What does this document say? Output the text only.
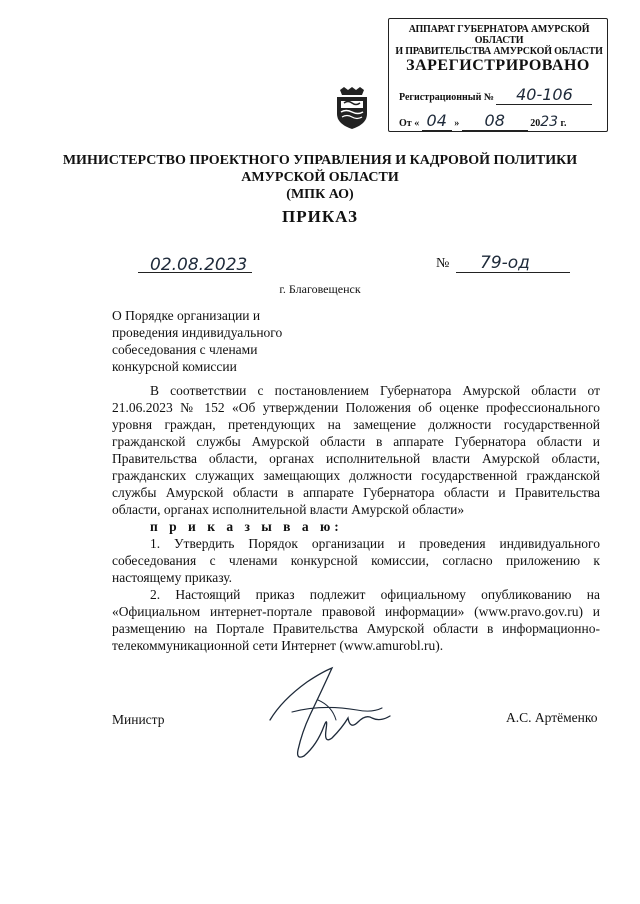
АППАРАТ ГУБЕРНАТОРА АМУРСКОЙ ОБЛАСТИ
И ПРАВИТЕЛЬСТВА АМУРСКОЙ ОБЛАСТИ
ЗАРЕГИСТРИРОВАНО
Регистрационный № 40-106
От « 04 » 08	2023 г.
МИНИСТЕРСТВО ПРОЕКТНОГО УПРАВЛЕНИЯ И КАДРОВОЙ ПОЛИТИКИ
АМУРСКОЙ ОБЛАСТИ
(МПК АО)
ПРИКАЗ
02.08.2023	№ 79-од
г. Благовещенск
О Порядке организации и
проведения индивидуального
собеседования с членами
конкурсной комиссии

В соответствии с постановлением Губернатора Амурской области от 21.06.2023 № 152 «Об утверждении Положения об оценке профессионального уровня граждан, претендующих на замещение должности государственной гражданской службы Амурской области в аппарате Губернатора области и Правительства области, органах исполнительной власти Амурской области, гражданских служащих замещающих должности государственной гражданской службы Амурской области в аппарате Губернатора области и Правительства области, органах исполнительной власти Амурской области»

п р и к а з ы в а ю:

1. Утвердить Порядок организации и проведения индивидуального собеседования с членами конкурсной комиссии, согласно приложению к настоящему приказу.

2. Настоящий приказ подлежит официальному опубликованию на «Официальном интернет-портале правовой информации» (www.pravo.gov.ru) и размещению на Портале Правительства Амурской области в информационно-телекоммуникационной сети Интернет (www.amurobl.ru).

Министр	А.С. Артёменко
